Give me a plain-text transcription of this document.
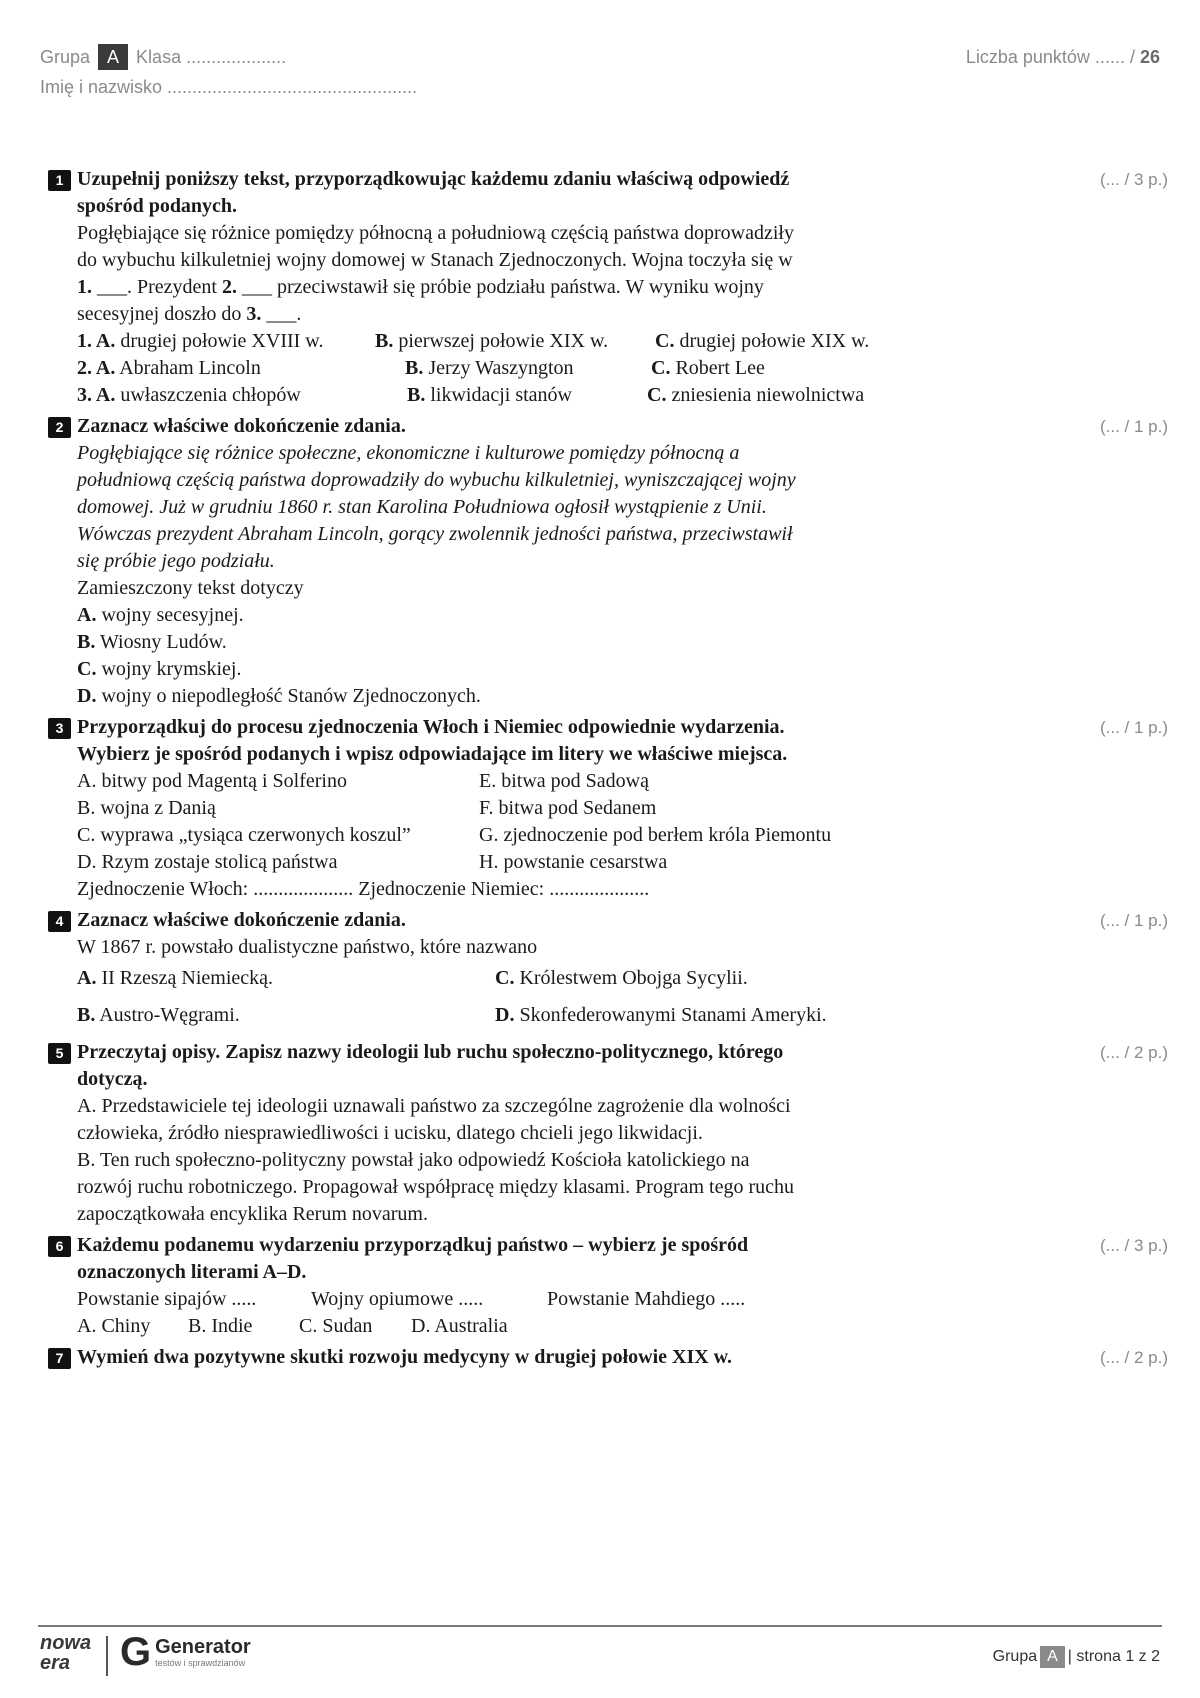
Grupa A Klasa ....................
Imię i nazwisko ..................................................
Liczba punktów ...... / 26
1	(... / 3 p.)
Uzupełnij poniższy tekst, przyporządkowując każdemu zdaniu właściwą odpowiedź
spośród podanych.
Pogłębiające się różnice pomiędzy północną a południową częścią państwa doprowadziły
do wybuchu kilkuletniej wojny domowej w Stanach Zjednoczonych. Wojna toczyła się w
1. ___. Prezydent 2. ___ przeciwstawił się próbie podziału państwa. W wyniku wojny
secesyjnej doszło do 3. ___.
1. A. drugiej połowie XVIII w.	B. pierwszej połowie XIX w.	C. drugiej połowie XIX w.
2. A. Abraham Lincoln	B. Jerzy Waszyngton	C. Robert Lee
3. A. uwłaszczenia chłopów	B. likwidacji stanów	C. zniesienia niewolnictwa
2	(... / 1 p.)
Zaznacz właściwe dokończenie zdania.
Pogłębiające się różnice społeczne, ekonomiczne i kulturowe pomiędzy północną a
południową częścią państwa doprowadziły do wybuchu kilkuletniej, wyniszczającej wojny
domowej. Już w grudniu 1860 r. stan Karolina Południowa ogłosił wystąpienie z Unii.
Wówczas prezydent Abraham Lincoln, gorący zwolennik jedności państwa, przeciwstawił
się próbie jego podziału.
Zamieszczony tekst dotyczy
A. wojny secesyjnej.
B. Wiosny Ludów.
C. wojny krymskiej.
D. wojny o niepodległość Stanów Zjednoczonych.
3	(... / 1 p.)
Przyporządkuj do procesu zjednoczenia Włoch i Niemiec odpowiednie wydarzenia.
Wybierz je spośród podanych i wpisz odpowiadające im litery we właściwe miejsca.
A. bitwy pod Magentą i Solferino	E. bitwa pod Sadową
B. wojna z Danią	F. bitwa pod Sedanem
C. wyprawa „tysiąca czerwonych koszul”	G. zjednoczenie pod berłem króla Piemontu
D. Rzym zostaje stolicą państwa	H. powstanie cesarstwa
Zjednoczenie Włoch: .................... Zjednoczenie Niemiec: ....................
4	(... / 1 p.)
Zaznacz właściwe dokończenie zdania.
W 1867 r. powstało dualistyczne państwo, które nazwano
A. II Rzeszą Niemiecką.	C. Królestwem Obojga Sycylii.
B. Austro-Węgrami.	D. Skonfederowanymi Stanami Ameryki.
5	(... / 2 p.)
Przeczytaj opisy. Zapisz nazwy ideologii lub ruchu społeczno-politycznego, którego
dotyczą.
A. Przedstawiciele tej ideologii uznawali państwo za szczególne zagrożenie dla wolności
człowieka, źródło niesprawiedliwości i ucisku, dlatego chcieli jego likwidacji.
B. Ten ruch społeczno-polityczny powstał jako odpowiedź Kościoła katolickiego na
rozwój ruchu robotniczego. Propagował współpracę między klasami. Program tego ruchu
zapoczątkowała encyklika Rerum novarum.
6	(... / 3 p.)
Każdemu podanemu wydarzeniu przyporządkuj państwo – wybierz je spośród
oznaczonych literami A–D.
Powstanie sipajów .....	Wojny opiumowe .....	Powstanie Mahdiego .....
A. Chiny	B. Indie	C. Sudan	D. Australia
7	(... / 2 p.)
Wymień dwa pozytywne skutki rozwoju medycyny w drugiej połowie XIX w.
nowa
era	G Generator
testów i sprawdzianów	Grupa A | strona 1 z 2
